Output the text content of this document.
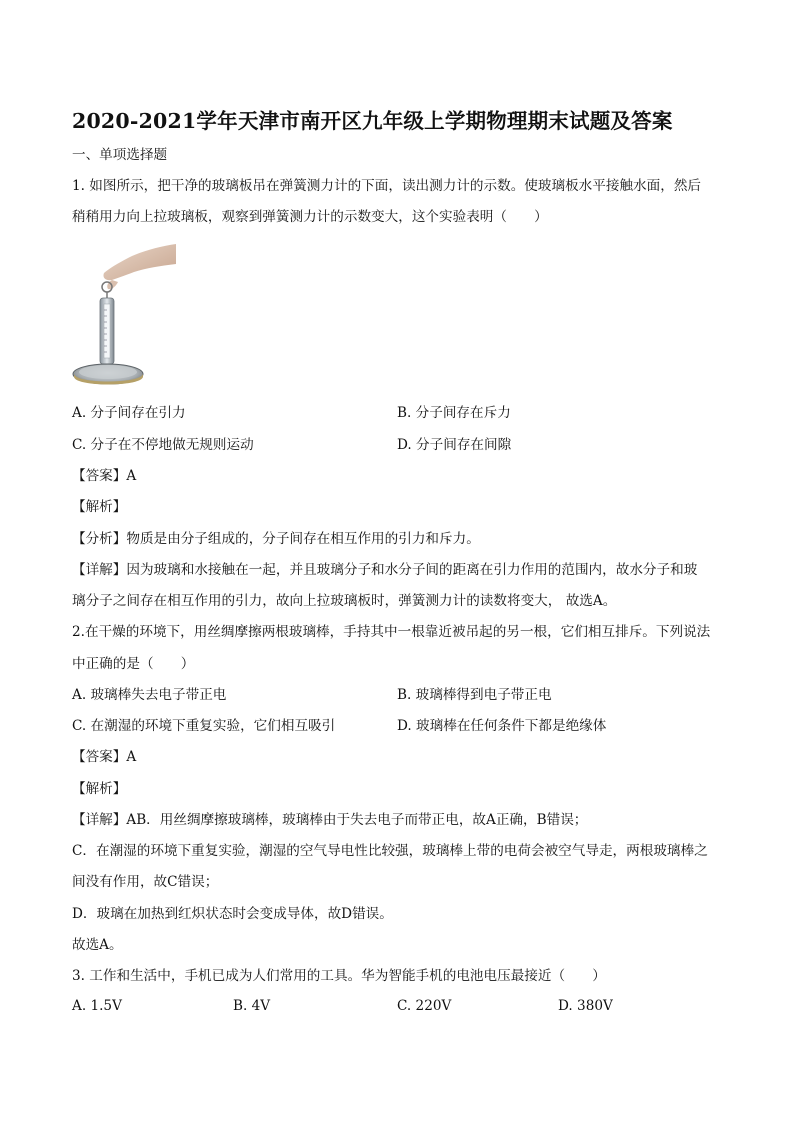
2020-2021学年天津市南开区九年级上学期物理期末试题及答案
一、单项选择题
1. 如图所示，把干净的玻璃板吊在弹簧测力计的下面，读出测力计的示数。使玻璃板水平接触水面，然后
稍稍用力向上拉玻璃板，观察到弹簧测力计的示数变大，这个实验表明（　　）
A. 分子间存在引力	B. 分子间存在斥力
C. 分子在不停地做无规则运动	D. 分子间存在间隙
【答案】A
【解析】
【分析】物质是由分子组成的，分子间存在相互作用的引力和斥力。
【详解】因为玻璃和水接触在一起，并且玻璃分子和水分子间的距离在引力作用的范围内，故水分子和玻
璃分子之间存在相互作用的引力，故向上拉玻璃板时，弹簧测力计的读数将变大， 故选A。
2.在干燥的环境下，用丝绸摩擦两根玻璃棒，手持其中一根靠近被吊起的另一根，它们相互排斥。下列说法
中正确的是（　　）
A. 玻璃棒失去电子带正电	B. 玻璃棒得到电子带正电
C. 在潮湿的环境下重复实验，它们相互吸引	D. 玻璃棒在任何条件下都是绝缘体
【答案】A
【解析】
【详解】AB．用丝绸摩擦玻璃棒，玻璃棒由于失去电子而带正电，故A正确，B错误；
C．在潮湿的环境下重复实验，潮湿的空气导电性比较强，玻璃棒上带的电荷会被空气导走，两根玻璃棒之
间没有作用，故C错误；
D．玻璃在加热到红炽状态时会变成导体，故D错误。
故选A。
3. 工作和生活中，手机已成为人们常用的工具。华为智能手机的电池电压最接近（　　）
A. 1.5V	B. 4V	C. 220V	D. 380V
